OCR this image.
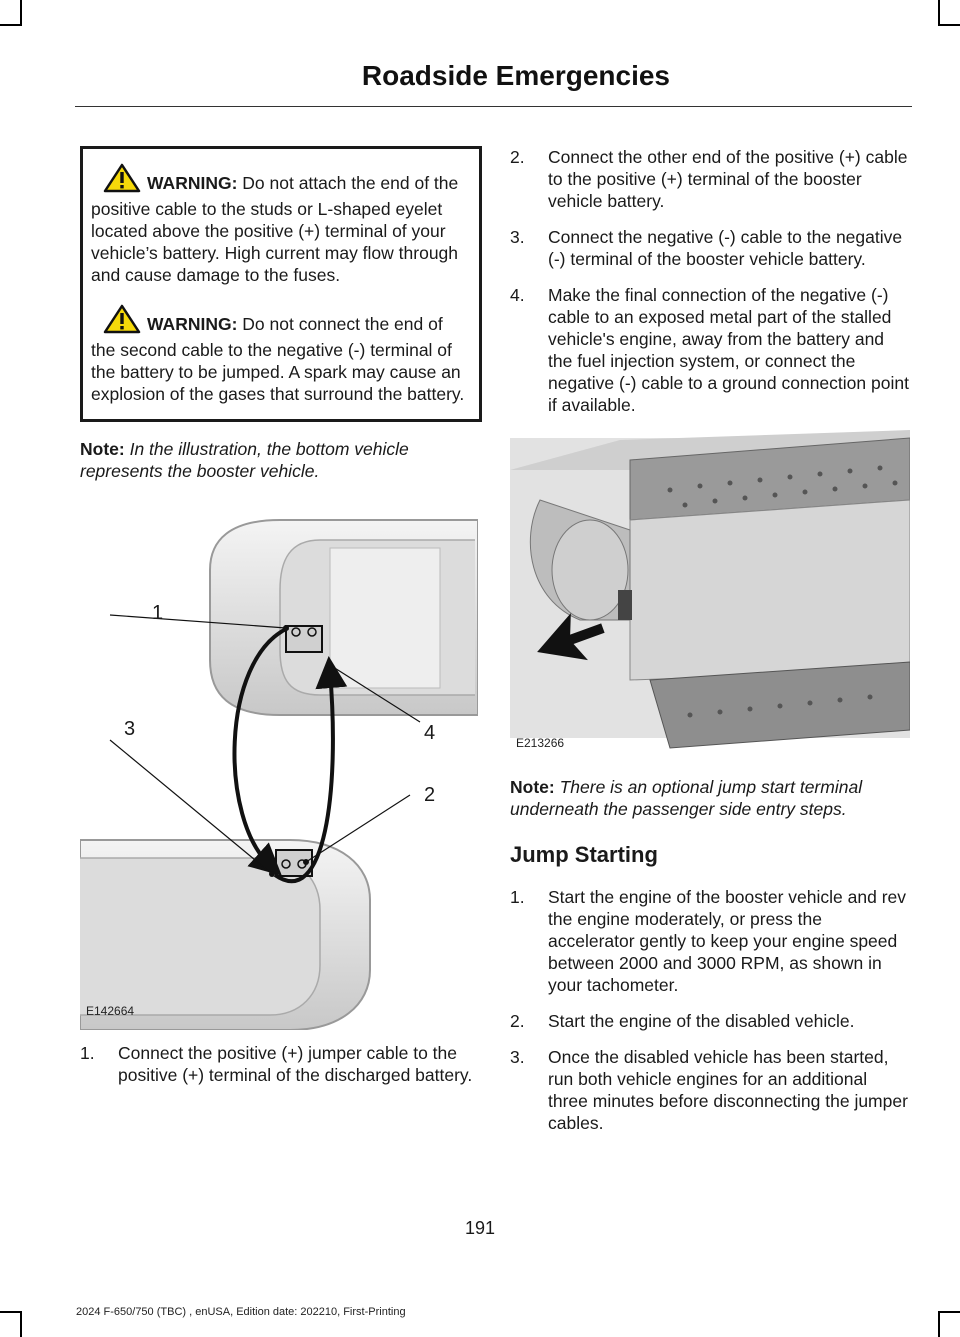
Roadside Emergencies

WARNING: Do not attach the end of the positive cable to the studs or L-shaped eyelet located above the positive (+) terminal of your vehicle’s battery. High current may flow through and cause damage to the fuses.

WARNING: Do not connect the end of the second cable to the negative (-) terminal of the battery to be jumped. A spark may cause an explosion of the gases that surround the battery.

Note: In the illustration, the bottom vehicle represents the booster vehicle.
1
2
3	4
E142664
1. Connect the positive (+) jumper cable to the positive (+) terminal of the discharged battery.
2. Connect the other end of the positive (+) cable to the positive (+) terminal of the booster vehicle battery.
3. Connect the negative (-) cable to the negative (-) terminal of the booster vehicle battery.
4. Make the final connection of the negative (-) cable to an exposed metal part of the stalled vehicle's engine, away from the battery and the fuel injection system, or connect the negative (-) cable to a ground connection point if available.
E213266
Note: There is an optional jump start terminal underneath the passenger side entry steps.
Jump Starting
1. Start the engine of the booster vehicle and rev the engine moderately, or press the accelerator gently to keep your engine speed between 2000 and 3000 RPM, as shown in your tachometer.
2. Start the engine of the disabled vehicle.
3. Once the disabled vehicle has been started, run both vehicle engines for an additional three minutes before disconnecting the jumper cables.
191
2024 F-650/750 (TBC) , enUSA, Edition date: 202210, First-Printing
